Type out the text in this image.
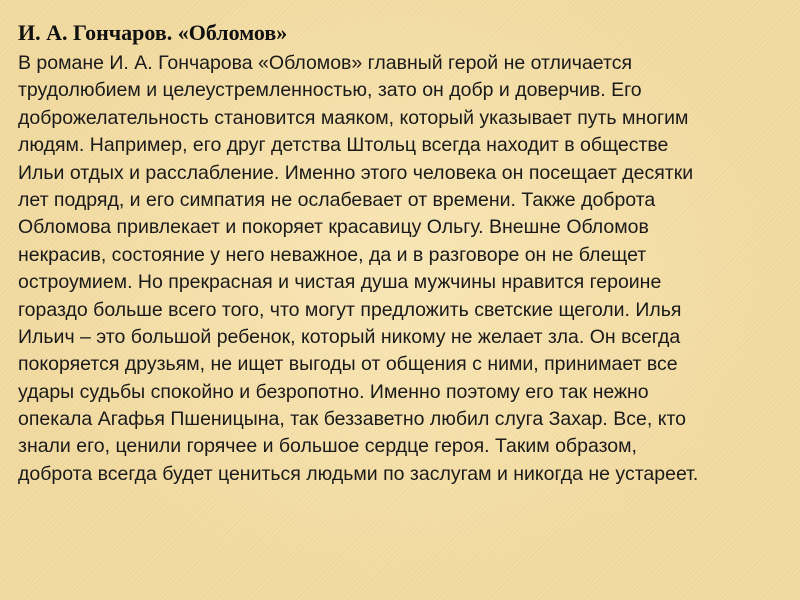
И. А. Гончаров. «Обломов»
В романе И. А. Гончарова «Обломов» главный герой не отличается
трудолюбием и целеустремленностью, зато он добр и доверчив. Его
доброжелательность становится маяком, который указывает путь многим
людям. Например, его друг детства Штольц всегда находит в обществе
Ильи отдых и расслабление. Именно этого человека он посещает десятки
лет подряд, и его симпатия не ослабевает от времени. Также доброта
Обломова привлекает и покоряет красавицу Ольгу. Внешне Обломов
некрасив, состояние у него неважное, да и в разговоре он не блещет
остроумием. Но прекрасная и чистая душа мужчины нравится героине
гораздо больше всего того, что могут предложить светские щеголи. Илья
Ильич – это большой ребенок, который никому не желает зла. Он всегда
покоряется друзьям, не ищет выгоды от общения с ними, принимает все
удары судьбы спокойно и безропотно. Именно поэтому его так нежно
опекала Агафья Пшеницына, так беззаветно любил слуга Захар. Все, кто
знали его, ценили горячее и большое сердце героя. Таким образом,
доброта всегда будет цениться людьми по заслугам и никогда не устареет.
